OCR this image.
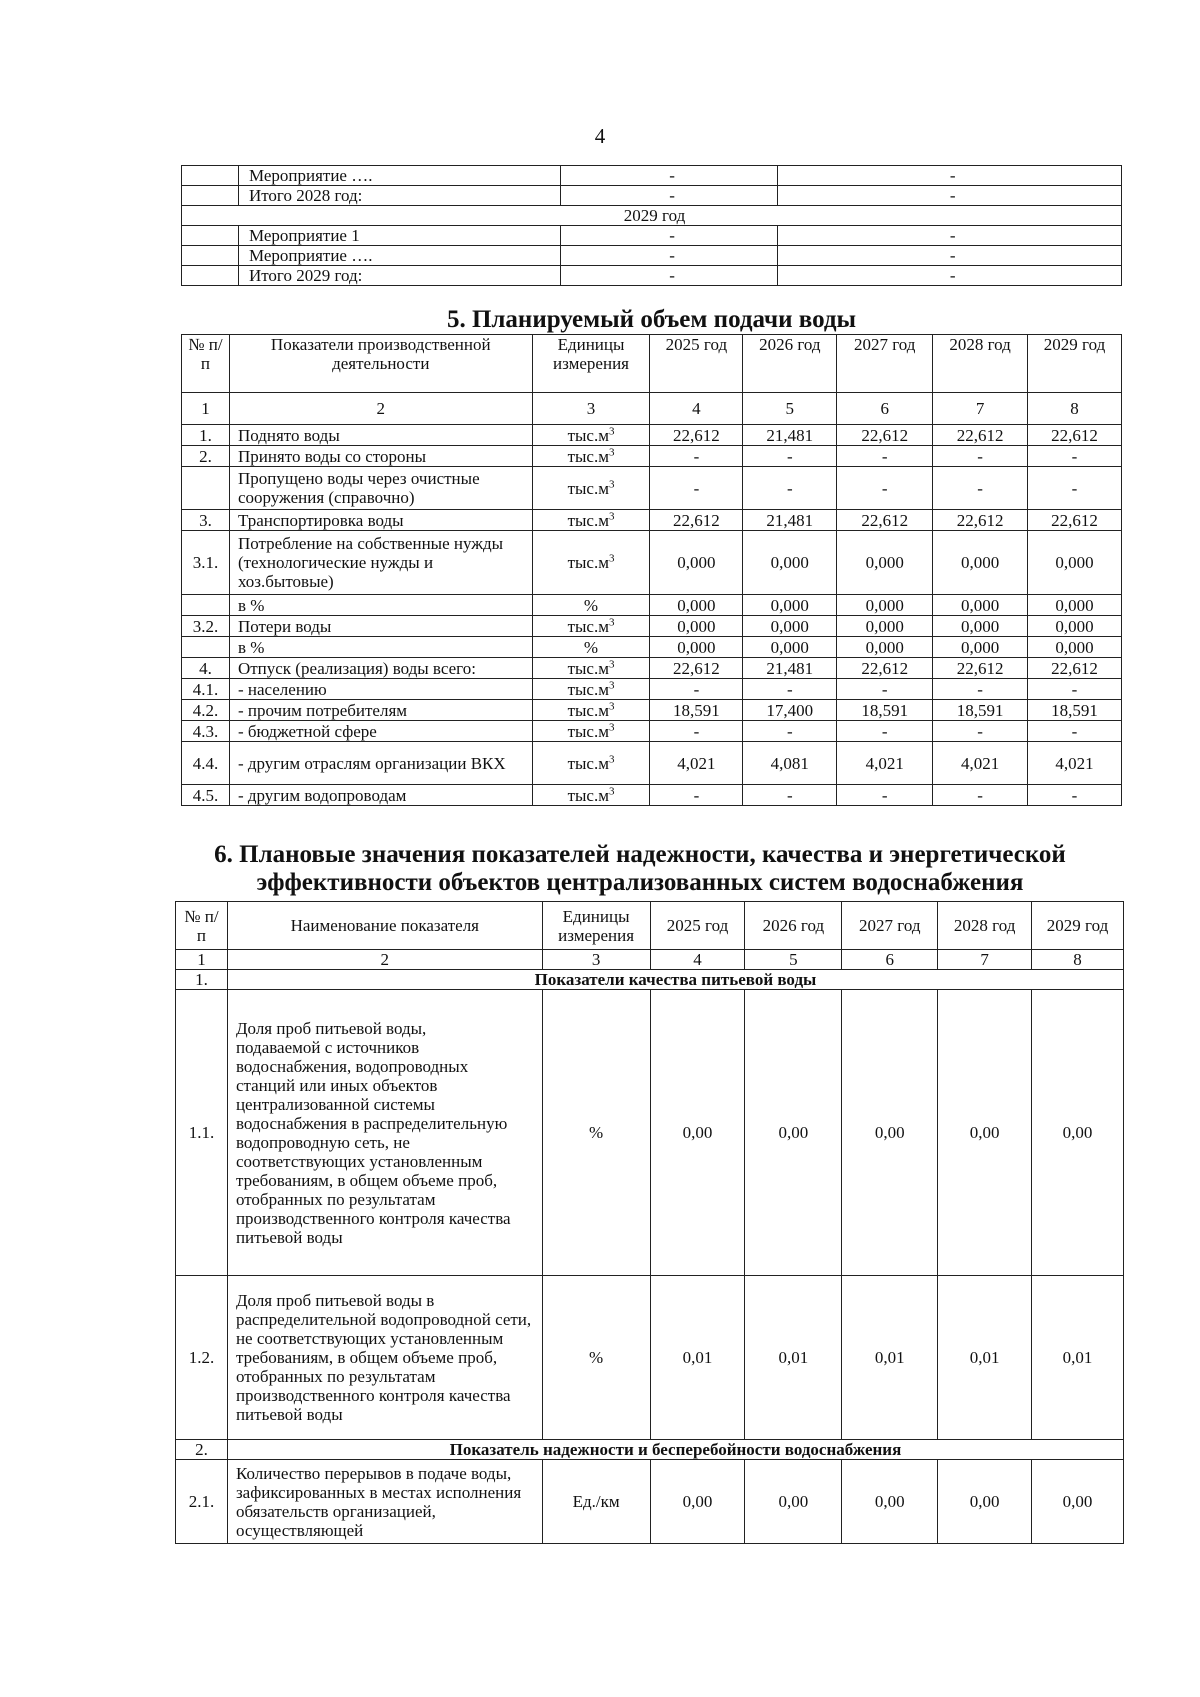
4
	Мероприятие ….	-	-
	Итого 2028 год:	-	-
2029 год			
	Мероприятие 1	-	-
	Мероприятие ….	-	-
	Итого 2029 год:	-	-
5. Планируемый объем подачи воды
№ п/п	Показатели производственной деятельности	Единицы измерения	2025 год	2026 год	2027 год	2028 год	2029 год
1	2	3	4	5	6	7	8
1.	Поднято воды	$тыс.м^3$	22,612	21,481	22,612	22,612	22,612
2.	Принято воды со стороны	$тыс.м^3$	-	-	-	-	-
	Пропущено воды через очистные сооружения (справочно)	$тыс.м^3$	-	-	-	-	-
3.	Транспортировка воды	$тыс.м^3$	22,612	21,481	22,612	22,612	22,612
3.1.	Потребление на собственные нужды (технологические нужды и хоз.бытовые)	$тыс.м^3$	0,000	0,000	0,000	0,000	0,000
	в %	%	0,000	0,000	0,000	0,000	0,000
3.2.	Потери воды	$тыс.м^3$	0,000	0,000	0,000	0,000	0,000
	в %	%	0,000	0,000	0,000	0,000	0,000
4.	Отпуск (реализация) воды всего:	$тыс.м^3$	22,612	21,481	22,612	22,612	22,612
4.1.	- населению	$тыс.м^3$	-	-	-	-	-
4.2.	- прочим потребителям	$тыс.м^3$	18,591	17,400	18,591	18,591	18,591
4.3.	- бюджетной сфере	$тыс.м^3$	-	-	-	-	-
4.4.	- другим отраслям организации ВКХ	$тыс.м^3$	4,021	4,081	4,021	4,021	4,021
4.5.	- другим водопроводам	$тыс.м^3$	-	-	-	-	-
6. Плановые значения показателей надежности, качества и энергетической
эффективности объектов централизованных систем водоснабжения
№ п/п	Наименование показателя	Единицы измерения	2025 год	2026 год	2027 год	2028 год	2029 год
1	2	3	4	5	6	7	8
1.	Показатели качества питьевой воды						
1.1.	Доля проб питьевой воды, подаваемой с источников водоснабжения, водопроводных станций или иных объектов централизованной системы водоснабжения в распределительную водопроводную сеть, не соответствующих установленным требованиям, в общем объеме проб, отобранных по результатам производственного контроля качества питьевой воды	%	0,00	0,00	0,00	0,00	0,00
1.2.	Доля проб питьевой воды в распределительной водопроводной сети, не соответствующих установленным требованиям, в общем объеме проб, отобранных по результатам производственного контроля качества питьевой воды	%	0,01	0,01	0,01	0,01	0,01
2.	Показатель надежности и бесперебойности водоснабжения						
2.1.	Количество перерывов в подаче воды, зафиксированных в местах исполнения обязательств организацией, осуществляющей	Ед./км	0,00	0,00	0,00	0,00	0,00
